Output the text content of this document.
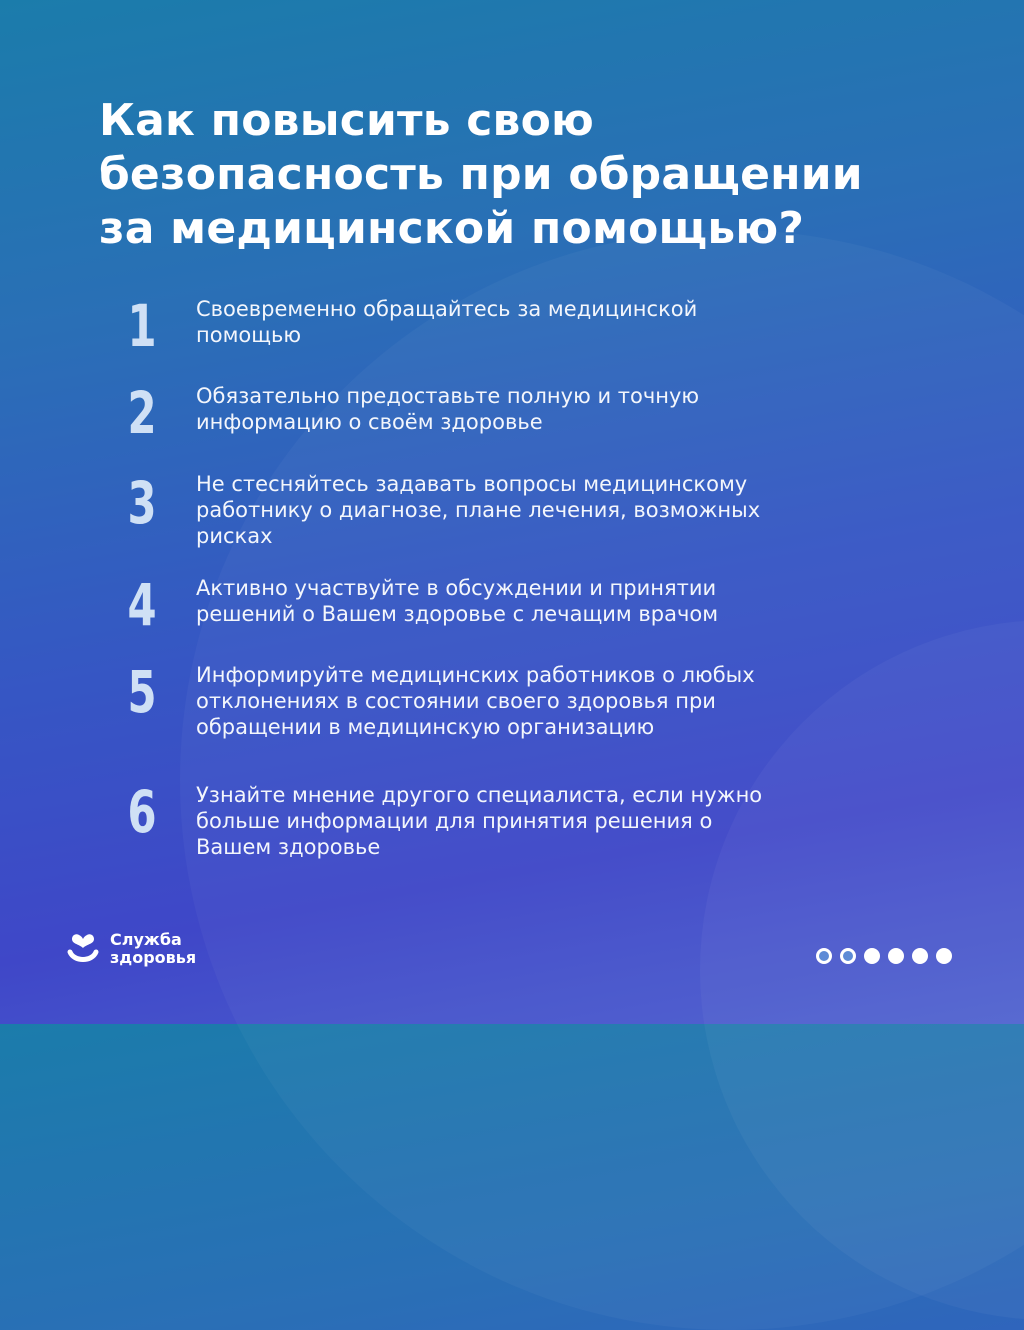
Как повысить свою
безопасность при обращении
за медицинской помощью?
1	Своевременно обращайтесь за медицинской
помощью
2	Обязательно предоставьте полную и точную
информацию о своём здоровье
3	Не стесняйтесь задавать вопросы медицинскому
работнику о диагнозе, плане лечения, возможных
рисках
4	Активно участвуйте в обсуждении и принятии
решений о Вашем здоровье с лечащим врачом
5	Информируйте медицинских работников о любых
отклонениях в состоянии своего здоровья при
обращении в медицинскую организацию
6	Узнайте мнение другого специалиста, если нужно
больше информации для принятия решения о
Вашем здоровье
Служба
здоровья
